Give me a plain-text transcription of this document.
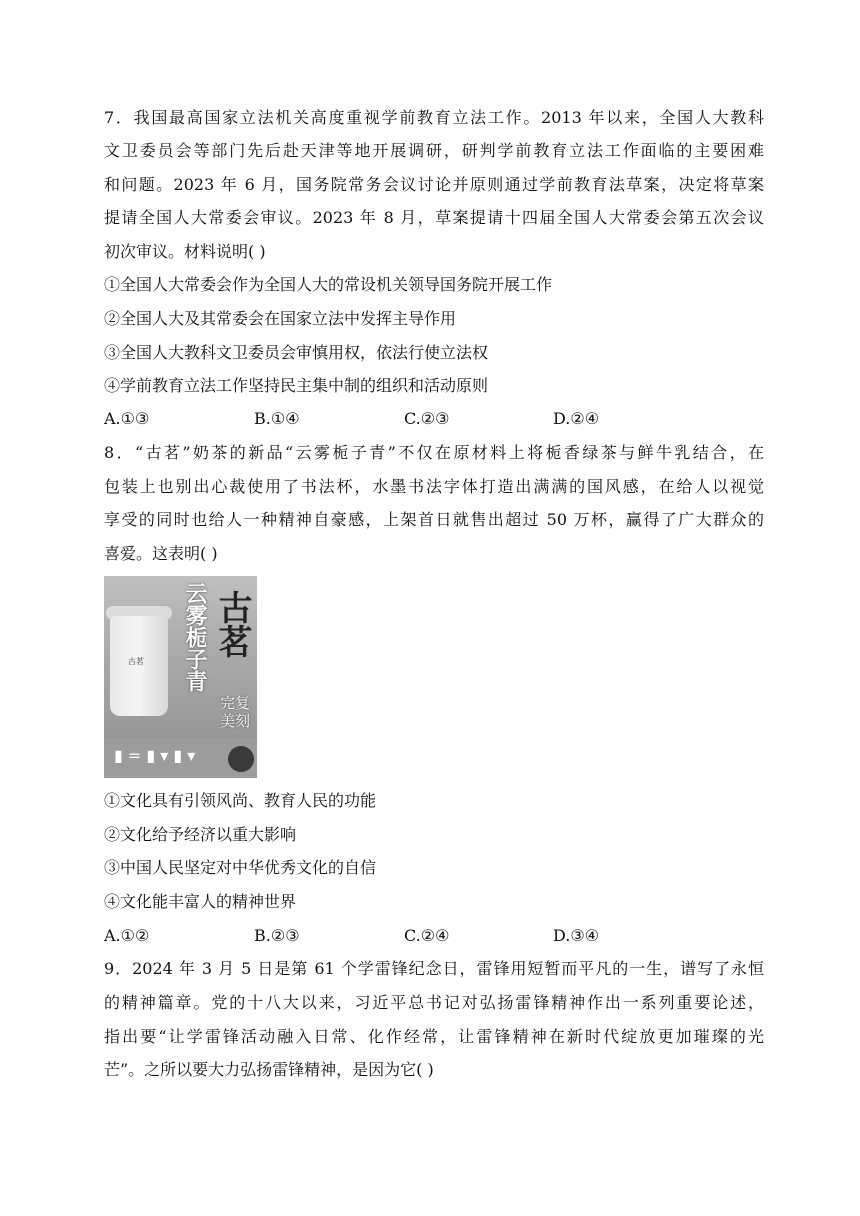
7．我国最高国家立法机关高度重视学前教育立法工作。2013 年以来，全国人大教科
文卫委员会等部门先后赴天津等地开展调研，研判学前教育立法工作面临的主要困难
和问题。2023 年 6 月，国务院常务会议讨论并原则通过学前教育法草案，决定将草案
提请全国人大常委会审议。2023 年 8 月，草案提请十四届全国人大常委会第五次会议
初次审议。材料说明( )
①全国人大常委会作为全国人大的常设机关领导国务院开展工作
②全国人大及其常委会在国家立法中发挥主导作用
③全国人大教科文卫委员会审慎用权，依法行使立法权
④学前教育立法工作坚持民主集中制的组织和活动原则
A.①③	B.①④	C.②③	D.②④
8．“古茗”奶茶的新品“云雾栀子青”不仅在原材料上将栀香绿茶与鲜牛乳结合，在
包装上也别出心裁使用了书法杯，水墨书法字体打造出满满的国风感，在给人以视觉
享受的同时也给人一种精神自豪感，上架首日就售出超过 50 万杯，赢得了广大群众的
喜爱。这表明( )
古茗 云雾栀子青 古茗
完复美刻
▮ = ▮ ▾ ▮ ▾
①文化具有引领风尚、教育人民的功能
②文化给予经济以重大影响
③中国人民坚定对中华优秀文化的自信
④文化能丰富人的精神世界
A.①②	B.②③	C.②④	D.③④
9．2024 年 3 月 5 日是第 61 个学雷锋纪念日，雷锋用短暂而平凡的一生，谱写了永恒
的精神篇章。党的十八大以来，习近平总书记对弘扬雷锋精神作出一系列重要论述，
指出要“让学雷锋活动融入日常、化作经常，让雷锋精神在新时代绽放更加璀璨的光
芒”。之所以要大力弘扬雷锋精神，是因为它( )
